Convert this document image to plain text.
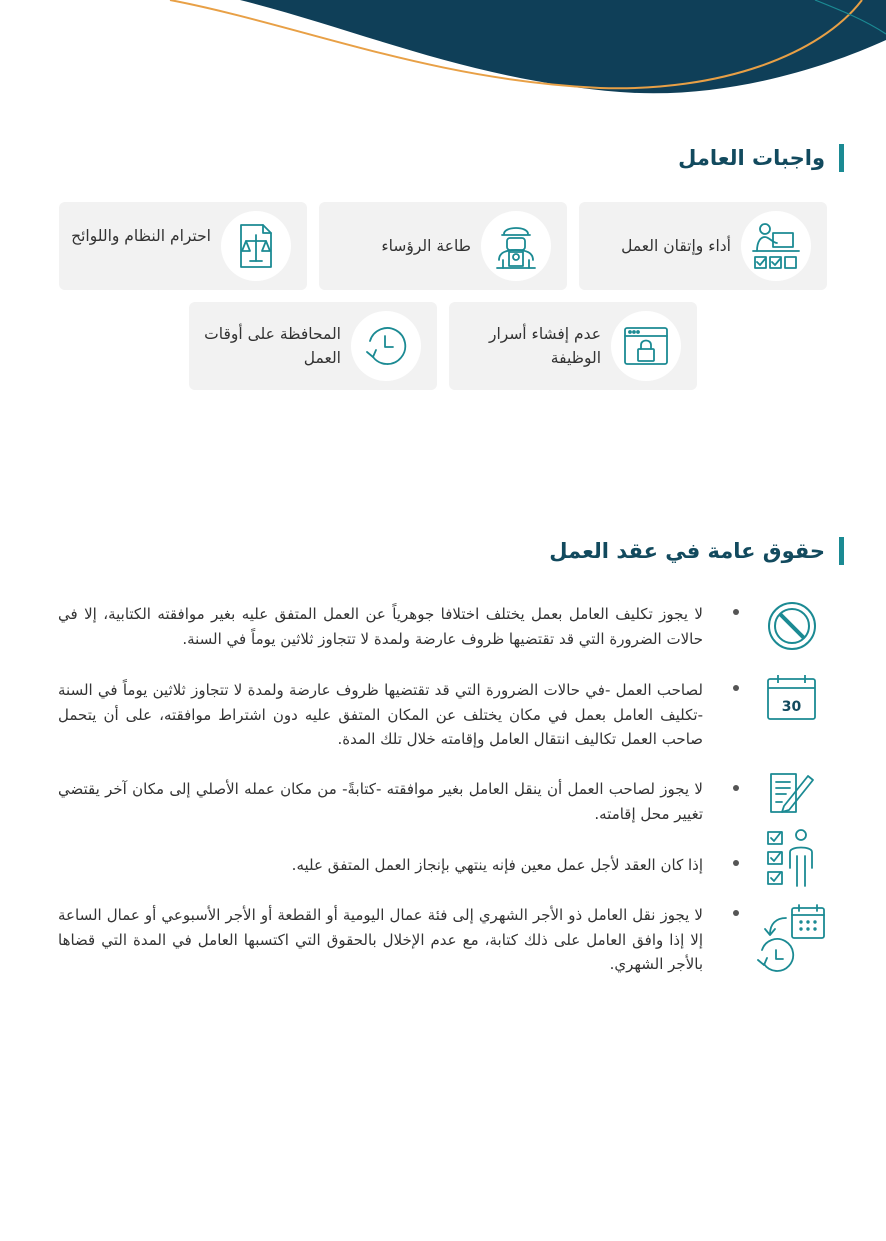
واجبات العامل
أداء وإتقان العمل
طاعة الرؤساء
احترام النظام واللوائح
عدم إفشاء أسرار الوظيفة
المحافظة على أوقات العمل
حقوق عامة في عقد العمل
لا يجوز تكليف العامل بعمل يختلف اختلافا جوهرياً عن العمل المتفق عليه بغير موافقته الكتابية، إلا في حالات الضرورة التي قد تقتضيها ظروف عارضة ولمدة لا تتجاوز ثلاثين يوماً في السنة.
30
لصاحب العمل -في حالات الضرورة التي قد تقتضيها ظروف عارضة ولمدة لا تتجاوز ثلاثين يوماً في السنة -تكليف العامل بعمل في مكان يختلف عن المكان المتفق عليه دون اشتراط موافقته، على أن يتحمل صاحب العمل تكاليف انتقال العامل وإقامته خلال تلك المدة.
لا يجوز لصاحب العمل أن ينقل العامل بغير موافقته -كتابةً- من مكان عمله الأصلي إلى مكان آخر يقتضي تغيير محل إقامته.
إذا كان العقد لأجل عمل معين فإنه ينتهي بإنجاز العمل المتفق عليه.
لا يجوز نقل العامل ذو الأجر الشهري إلى فئة عمال اليومية أو القطعة أو الأجر الأسبوعي أو عمال الساعة إلا إذا وافق العامل على ذلك كتابة، مع عدم الإخلال بالحقوق التي اكتسبها العامل في المدة التي قضاها بالأجر الشهري.
